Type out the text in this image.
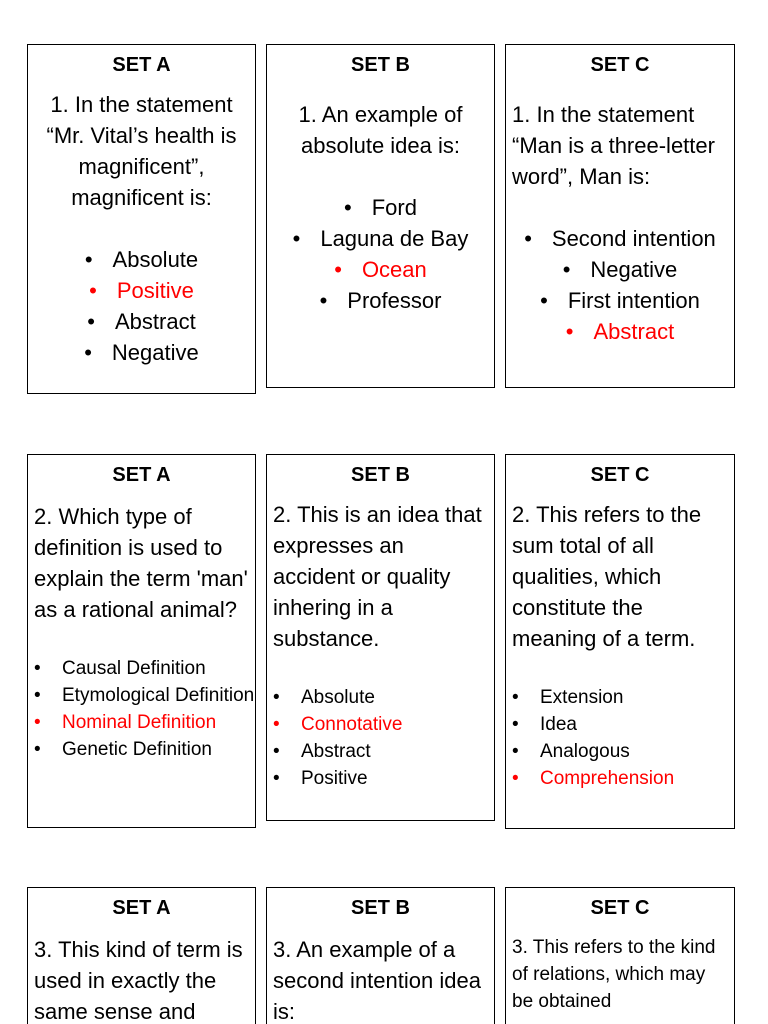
SET A
1. In the statement “Mr. Vital’s health is magnificent”, magnificent is:
• Absolute
• Positive
• Abstract
• Negative
SET B
1. An example of absolute idea is:
• Ford
• Laguna de Bay
• Ocean
• Professor
SET C
1. In the statement “Man is a three-letter word”, Man is:
• Second intention
• Negative
• First intention
• Abstract
SET A
2. Which type of definition is used to explain the term 'man' as a rational animal?
• Causal Definition
• Etymological Definition
• Nominal Definition
• Genetic Definition
SET B
2. This is an idea that expresses an accident or quality inhering in a substance.
• Absolute
• Connotative
• Abstract
• Positive
SET C
2. This refers to the sum total of all qualities, which constitute the meaning of a term.
• Extension
• Idea
• Analogous
• Comprehension
SET A
3. This kind of term is used in exactly the same sense and
SET B
3. An example of a second intention idea is:
SET C
3. This refers to the kind of relations, which may be obtained
